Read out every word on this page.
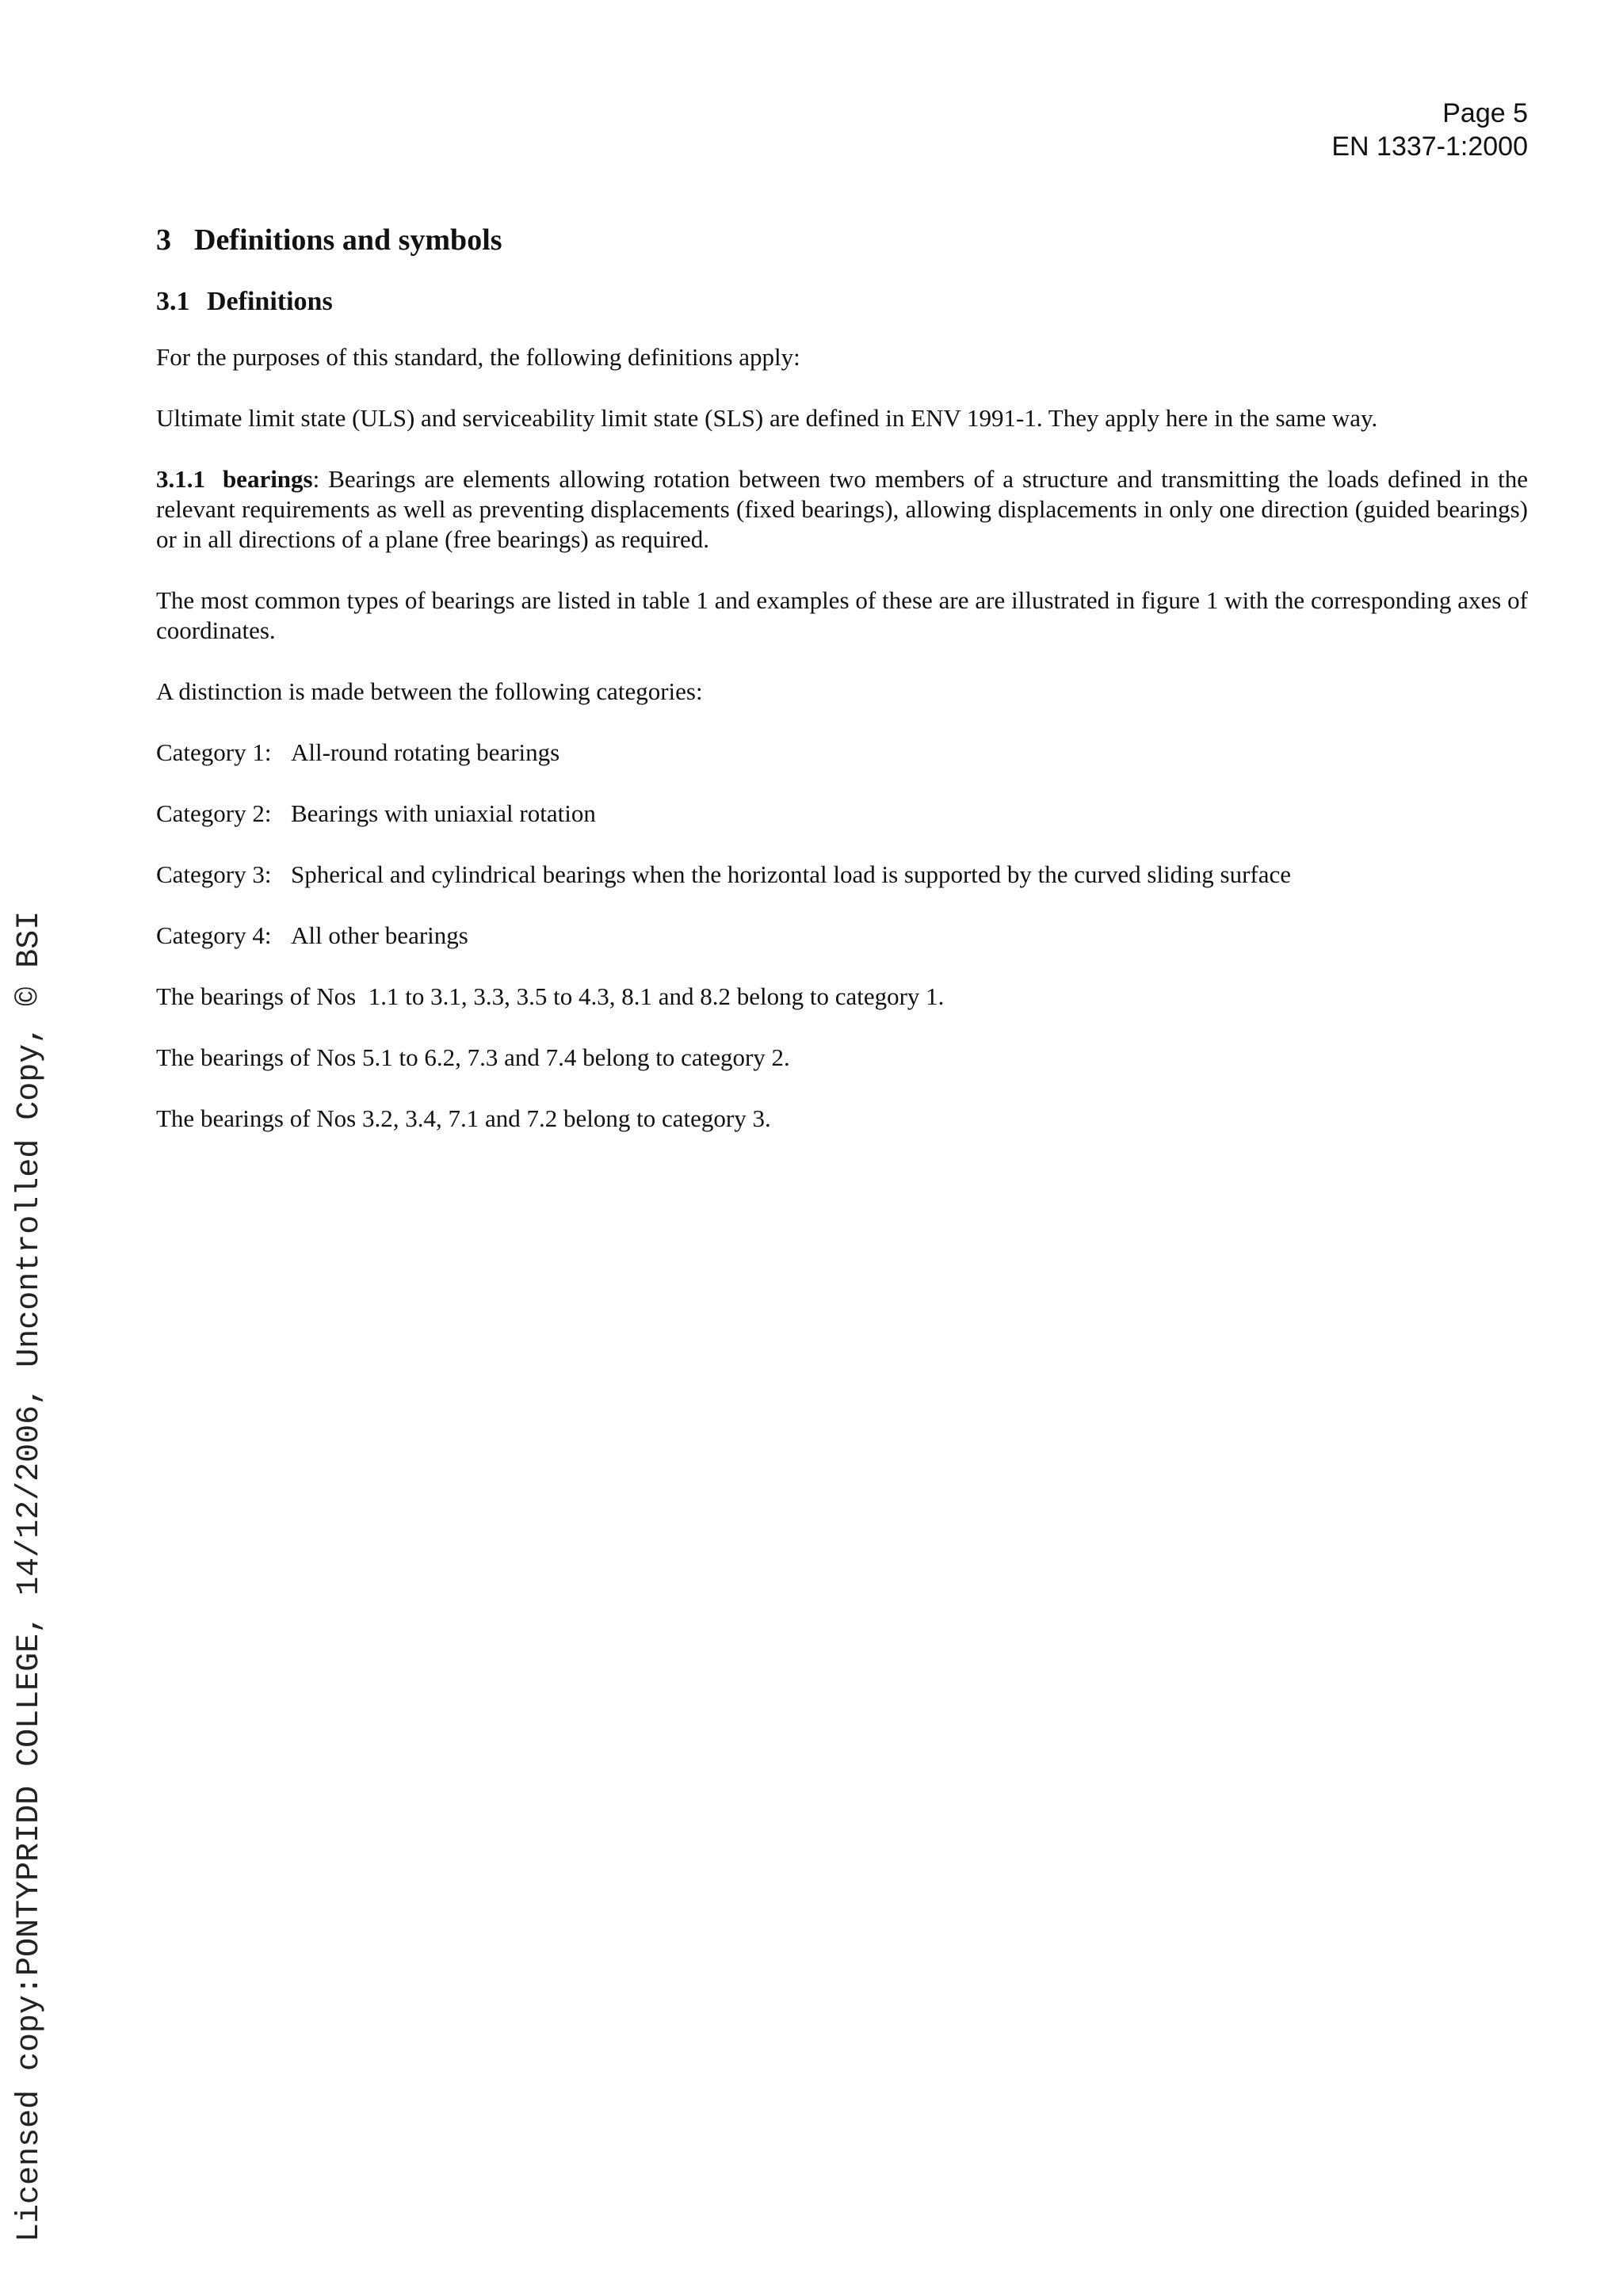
Page 5
EN 1337-1:2000
3 Definitions and symbols
3.1 Definitions

For the purposes of this standard, the following definitions apply:

Ultimate limit state (ULS) and serviceability limit state (SLS) are defined in ENV 1991-1. They apply here in the same way.

3.1.1 bearings: Bearings are elements allowing rotation between two members of a structure and transmitting the loads defined in the relevant requirements as well as preventing displacements (fixed bearings), allowing displacements in only one direction (guided bearings) or in all directions of a plane (free bearings) as required.

The most common types of bearings are listed in table 1 and examples of these are are illustrated in figure 1 with the corresponding axes of coordinates.

A distinction is made between the following categories:

Category 1: All-round rotating bearings

Category 2: Bearings with uniaxial rotation

Category 3: Spherical and cylindrical bearings when the horizontal load is supported by the curved sliding surface

Category 4: All other bearings

The bearings of Nos  1.1 to 3.1, 3.3, 3.5 to 4.3, 8.1 and 8.2 belong to category 1.

The bearings of Nos 5.1 to 6.2, 7.3 and 7.4 belong to category 2.

The bearings of Nos 3.2, 3.4, 7.1 and 7.2 belong to category 3.

Licensed copy:PONTYPRIDD COLLEGE, 14/12/2006, Uncontrolled Copy, © BSI
